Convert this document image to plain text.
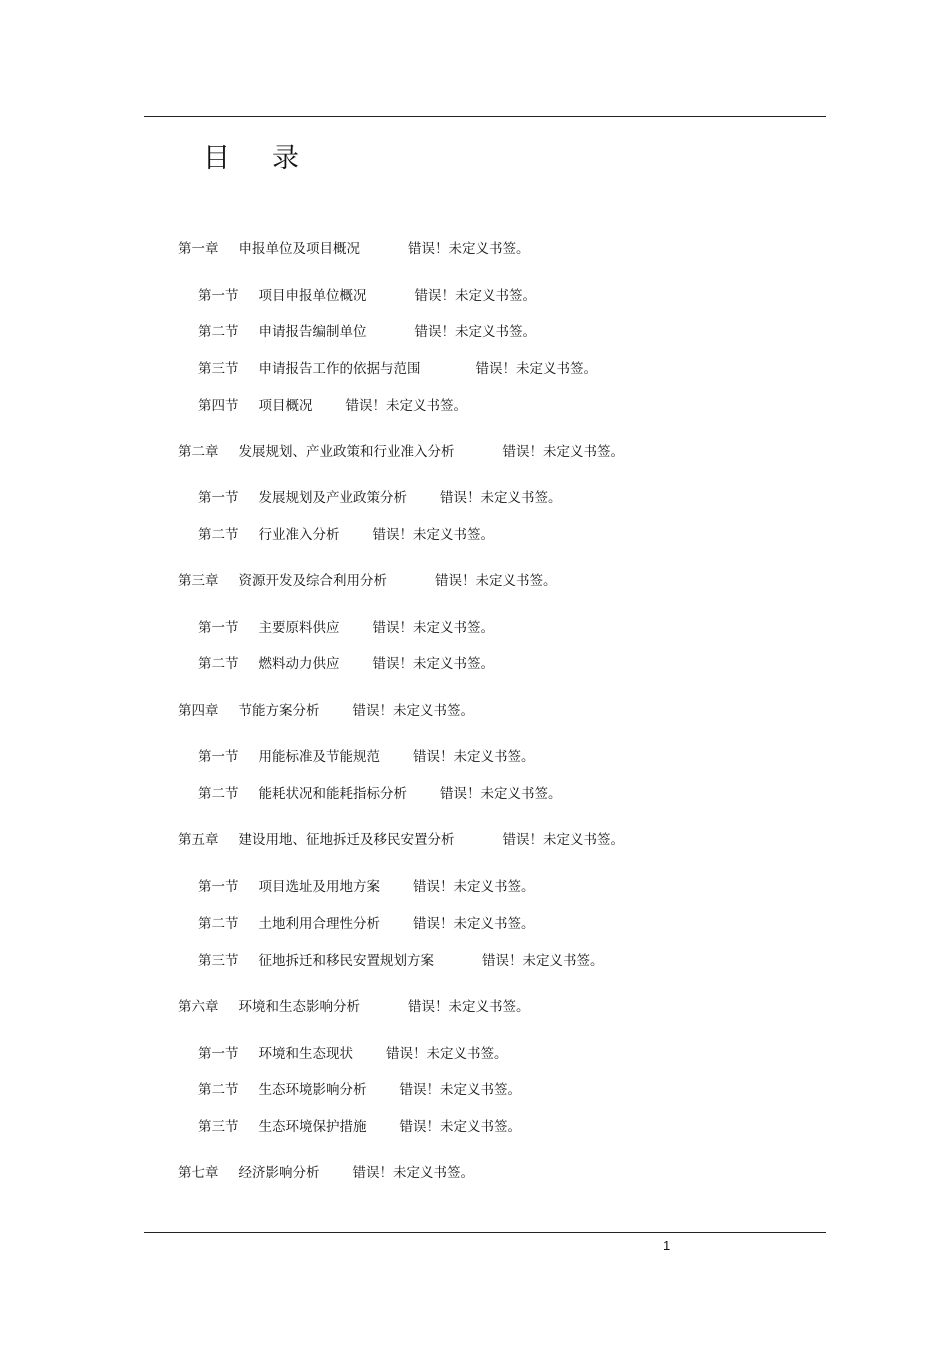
目 录
第一章 申报单位及项目概况	错误！未定义书签。
第一节 项目申报单位概况	错误！未定义书签。
第二节 申请报告编制单位	错误！未定义书签。
第三节 申请报告工作的依据与范围	错误！未定义书签。
第四节 项目概况 错误！未定义书签。
第二章 发展规划、产业政策和行业准入分析	错误！未定义书签。
第一节 发展规划及产业政策分析 错误！未定义书签。
第二节 行业准入分析 错误！未定义书签。
第三章 资源开发及综合利用分析	错误！未定义书签。
第一节 主要原料供应 错误！未定义书签。
第二节 燃料动力供应 错误！未定义书签。
第四章 节能方案分析 错误！未定义书签。
第一节 用能标准及节能规范 错误！未定义书签。
第二节 能耗状况和能耗指标分析 错误！未定义书签。
第五章 建设用地、征地拆迁及移民安置分析	错误！未定义书签。
第一节 项目选址及用地方案 错误！未定义书签。
第二节 土地利用合理性分析 错误！未定义书签。
第三节 征地拆迁和移民安置规划方案	错误！未定义书签。
第六章 环境和生态影响分析	错误！未定义书签。
第一节 环境和生态现状 错误！未定义书签。
第二节 生态环境影响分析 错误！未定义书签。
第三节 生态环境保护措施 错误！未定义书签。
第七章 经济影响分析 错误！未定义书签。
1
